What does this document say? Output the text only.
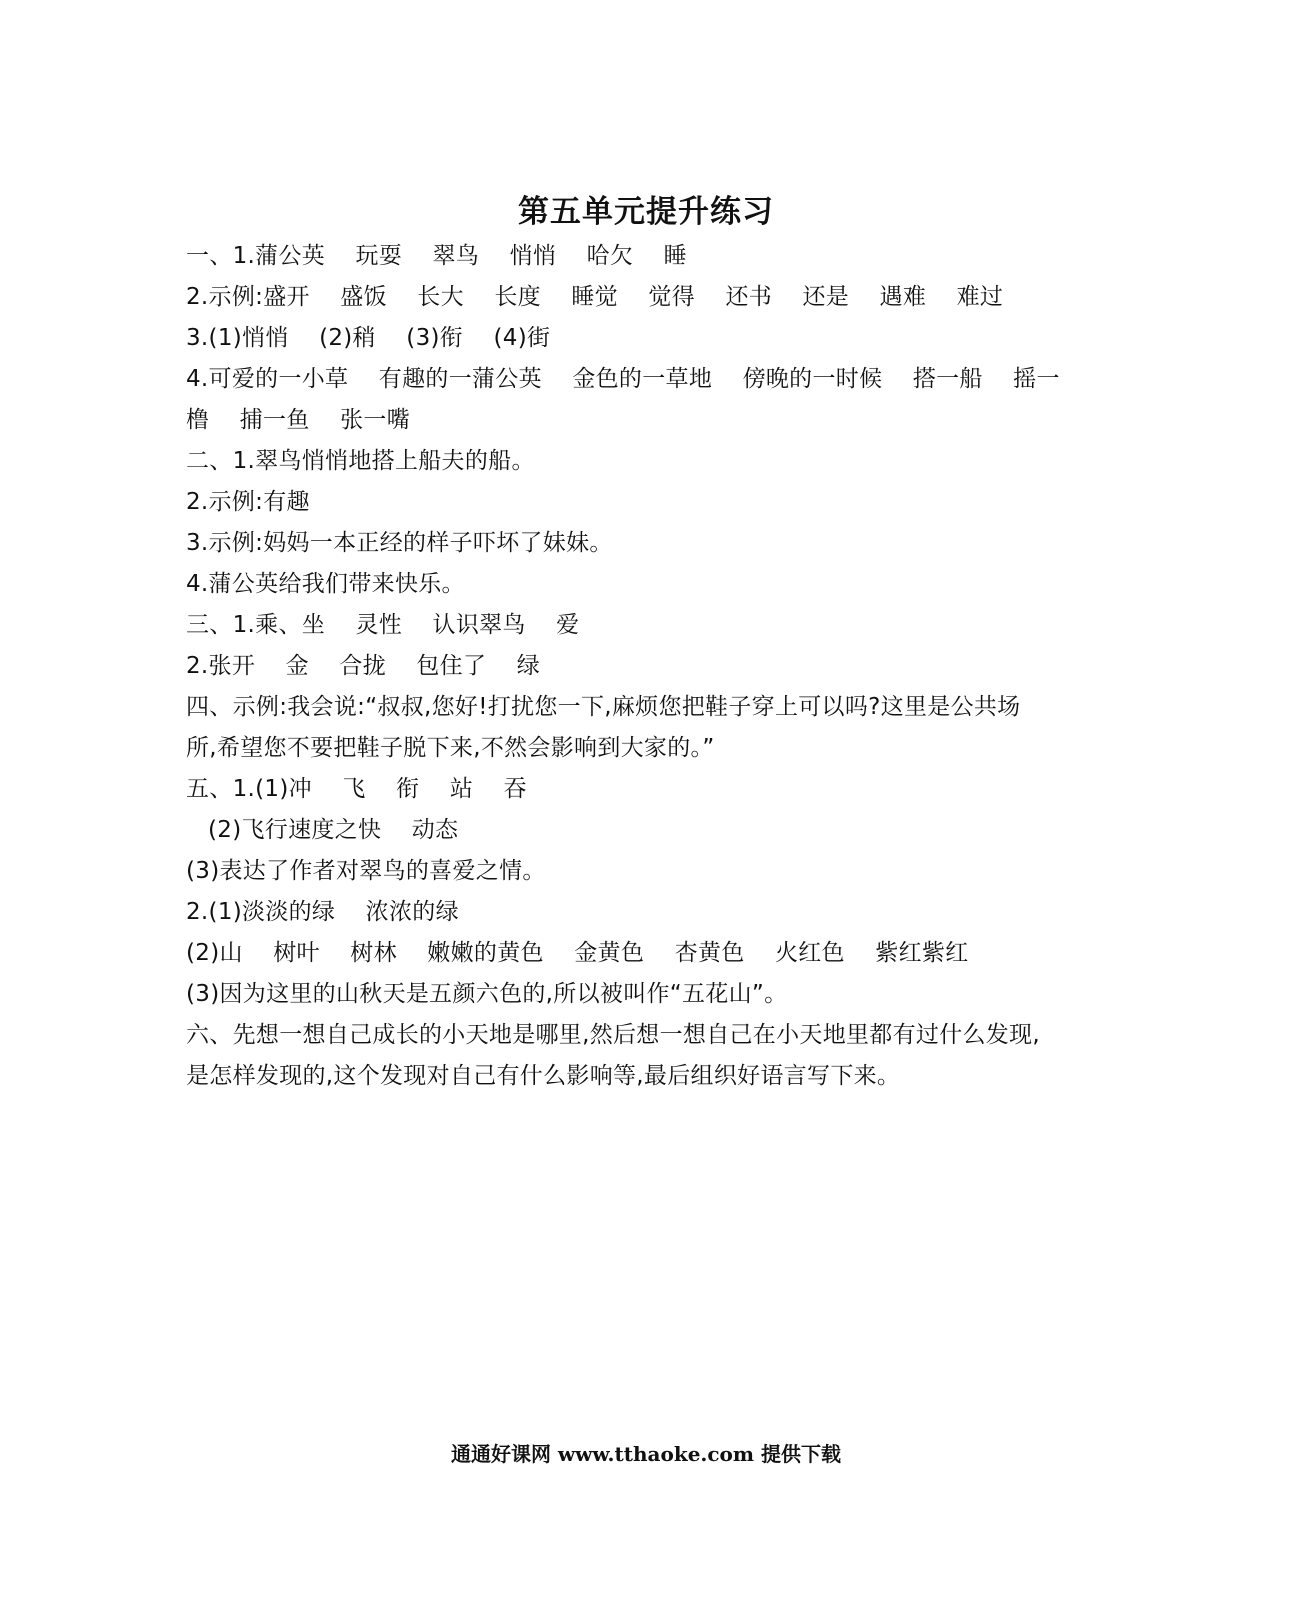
第五单元提升练习
一、1.蒲公英    玩耍    翠鸟    悄悄    哈欠    睡
2.示例:盛开    盛饭    长大    长度    睡觉    觉得    还书    还是    遇难    难过
3.(1)悄悄    (2)稍    (3)衔    (4)街
4.可爱的一小草    有趣的一蒲公英    金色的一草地    傍晚的一时候    搭一船    摇一
橹    捕一鱼    张一嘴
二、1.翠鸟悄悄地搭上船夫的船。
2.示例:有趣
3.示例:妈妈一本正经的样子吓坏了妹妹。
4.蒲公英给我们带来快乐。
三、1.乘、坐    灵性    认识翠鸟    爱
2.张开    金    合拢    包住了    绿
四、示例:我会说:“叔叔,您好!打扰您一下,麻烦您把鞋子穿上可以吗?这里是公共场
所,希望您不要把鞋子脱下来,不然会影响到大家的。”
五、1.(1)冲    飞    衔    站    吞
(2)飞行速度之快    动态
(3)表达了作者对翠鸟的喜爱之情。
2.(1)淡淡的绿    浓浓的绿
(2)山    树叶    树林    嫩嫩的黄色    金黄色    杏黄色    火红色    紫红紫红
(3)因为这里的山秋天是五颜六色的,所以被叫作“五花山”。
六、先想一想自己成长的小天地是哪里,然后想一想自己在小天地里都有过什么发现,
是怎样发现的,这个发现对自己有什么影响等,最后组织好语言写下来。
通通好课网 www.tthaoke.com 提供下载
